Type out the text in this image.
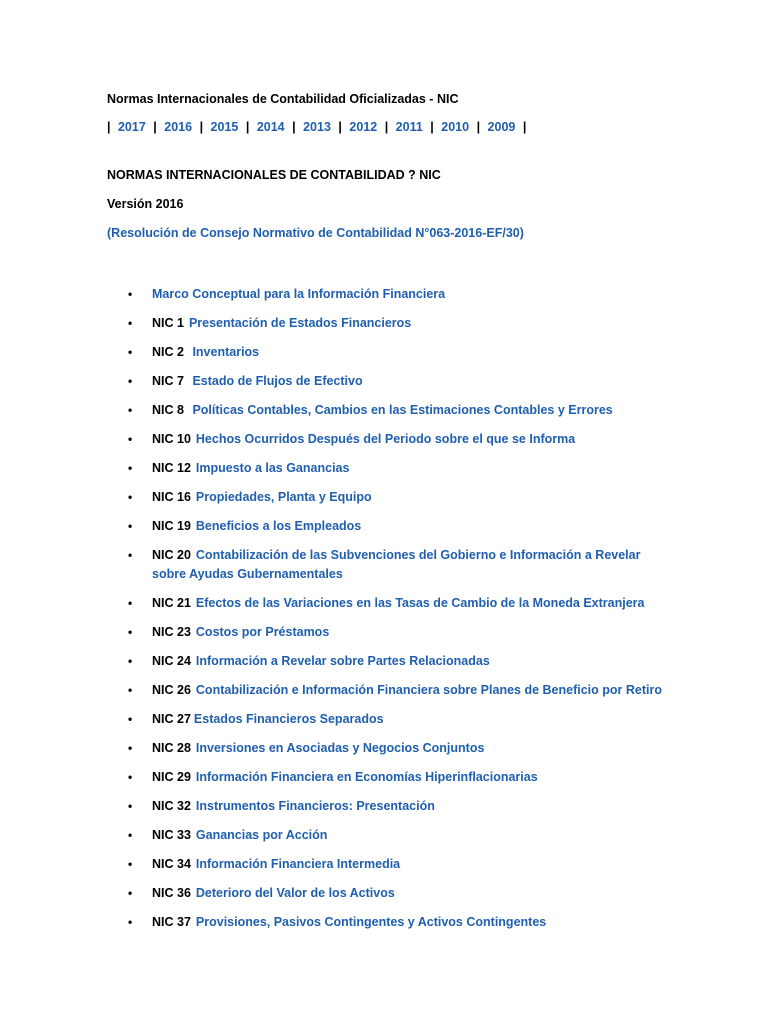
Normas Internacionales de Contabilidad Oficializadas - NIC
| 2017 | 2016 | 2015 | 2014 | 2013 | 2012 | 2011 | 2010 | 2009 |
NORMAS INTERNACIONALES DE CONTABILIDAD ? NIC
Versión 2016
(Resolución de Consejo Normativo de Contabilidad N°063-2016-EF/30)
• Marco Conceptual para la Información Financiera
• NIC 1 Presentación de Estados Financieros
• NIC 2 Inventarios
• NIC 7 Estado de Flujos de Efectivo
• NIC 8 Políticas Contables, Cambios en las Estimaciones Contables y Errores
• NIC 10 Hechos Ocurridos Después del Periodo sobre el que se Informa
• NIC 12 Impuesto a las Ganancias
• NIC 16 Propiedades, Planta y Equipo
• NIC 19 Beneficios a los Empleados
• NIC 20 Contabilización de las Subvenciones del Gobierno e Información a Revelar sobre Ayudas Gubernamentales
• NIC 21 Efectos de las Variaciones en las Tasas de Cambio de la Moneda Extranjera
• NIC 23 Costos por Préstamos
• NIC 24 Información a Revelar sobre Partes Relacionadas
• NIC 26 Contabilización e Información Financiera sobre Planes de Beneficio por Retiro
• NIC 27 Estados Financieros Separados
• NIC 28 Inversiones en Asociadas y Negocios Conjuntos
• NIC 29 Información Financiera en Economías Hiperinflacionarias
• NIC 32 Instrumentos Financieros: Presentación
• NIC 33 Ganancias por Acción
• NIC 34 Información Financiera Intermedia
• NIC 36 Deterioro del Valor de los Activos
• NIC 37 Provisiones, Pasivos Contingentes y Activos Contingentes
